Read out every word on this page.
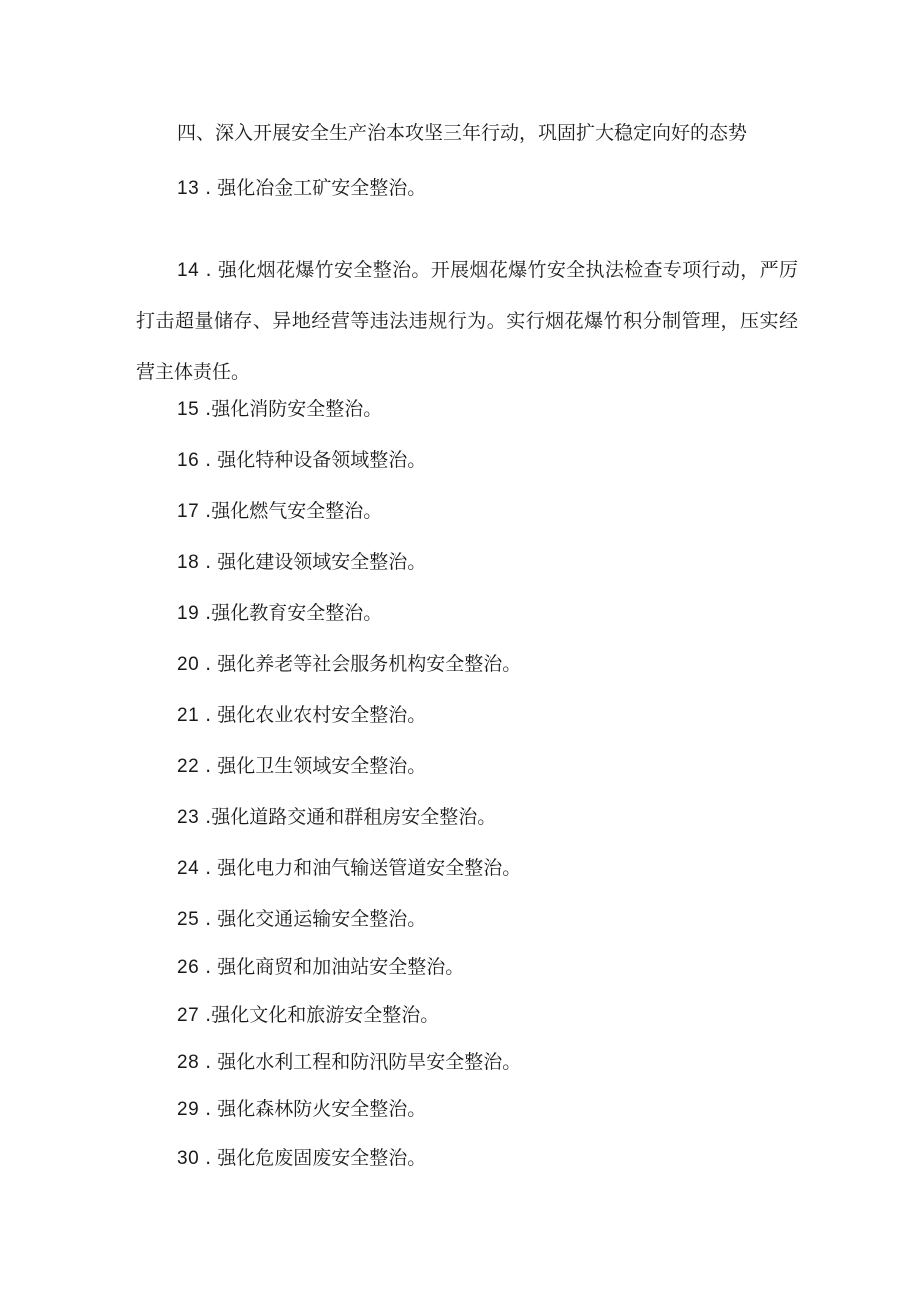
四、深入开展安全生产治本攻坚三年行动，巩固扩大稳定向好的态势
13 . 强化冶金工矿安全整治。
14 . 强化烟花爆竹安全整治。开展烟花爆竹安全执法检查专项行动，严厉打击超量储存、异地经营等违法违规行为。实行烟花爆竹积分制管理，压实经营主体责任。
15 .强化消防安全整治。
16 . 强化特种设备领域整治。
17 .强化燃气安全整治。
18 . 强化建设领域安全整治。
19 .强化教育安全整治。
20 . 强化养老等社会服务机构安全整治。
21 . 强化农业农村安全整治。
22 . 强化卫生领域安全整治。
23 .强化道路交通和群租房安全整治。
24 . 强化电力和油气输送管道安全整治。
25 . 强化交通运输安全整治。
26 . 强化商贸和加油站安全整治。
27 .强化文化和旅游安全整治。
28 . 强化水利工程和防汛防旱安全整治。
29 . 强化森林防火安全整治。
30 . 强化危废固废安全整治。
